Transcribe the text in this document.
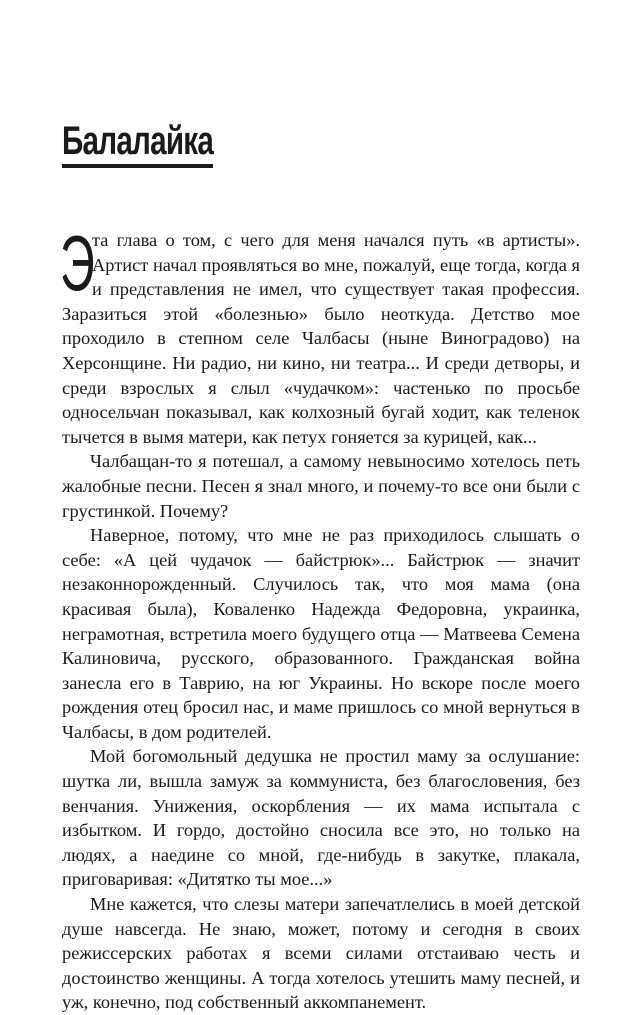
Балалайка

Э
та глава о том, с чего для меня начался путь «в артисты». Артист начал проявляться во мне, пожалуй, еще тогда, когда я и представления не имел, что существует такая профессия. Заразиться этой «болезнью» было неоткуда. Детство мое проходило в степном селе Чалбасы (ныне Виноградово) на Херсонщине. Ни радио, ни кино, ни театра... И среди детворы, и среди взрослых я слыл «чудачком»: частенько по просьбе односельчан показывал, как колхозный бугай ходит, как теленок тычется в вымя матери, как петух гоняется за курицей, как...

Чалбащан-то я потешал, а самому невыносимо хотелось петь жалобные песни. Песен я знал много, и почему-то все они были с грустинкой. Почему?

Наверное, потому, что мне не раз приходилось слышать о себе: «А цей чудачок — байстрюк»... Байстрюк — значит незаконнорожденный. Случилось так, что моя мама (она красивая была), Коваленко Надежда Федоровна, украинка, неграмотная, встретила моего будущего отца — Матвеева Семена Калиновича, русского, образованного. Гражданская война занесла его в Таврию, на юг Украины. Но вскоре после моего рождения отец бросил нас, и маме пришлось со мной вернуться в Чалбасы, в дом родителей.

Мой богомольный дедушка не простил маму за ослушание: шутка ли, вышла замуж за коммуниста, без благословения, без венчания. Унижения, оскорбления — их мама испытала с избытком. И гордо, достойно сносила все это, но только на людях, а наедине со мной, где-нибудь в закутке, плакала, приговаривая: «Дитятко ты мое...»

Мне кажется, что слезы матери запечатлелись в моей детской душе навсегда. Не знаю, может, потому и сегодня в своих режиссерских работах я всеми силами отстаиваю честь и достоинство женщины. А тогда хотелось утешить маму песней, и уж, конечно, под собственный аккомпанемент.
